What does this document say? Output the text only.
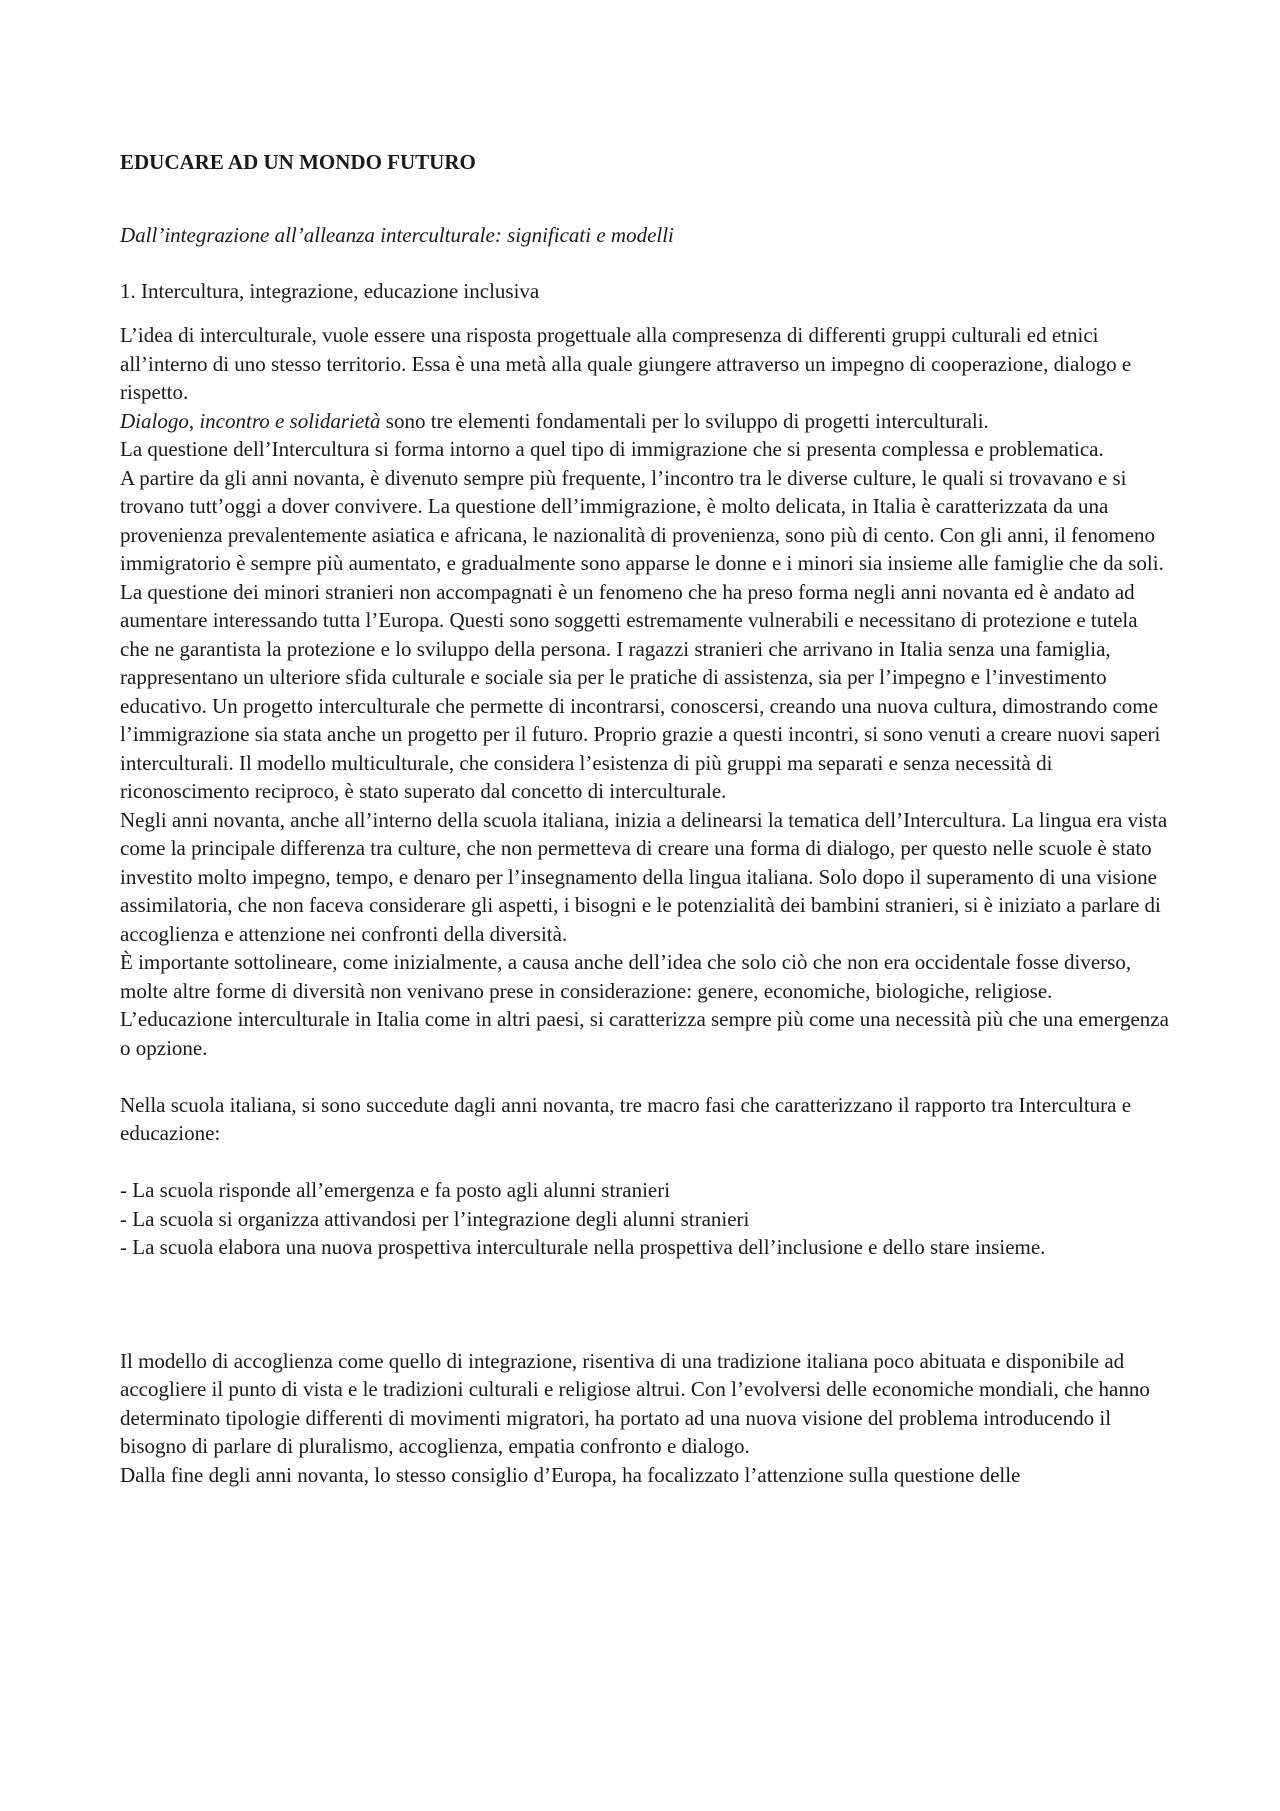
EDUCARE AD UN MONDO FUTURO
Dall’integrazione all’alleanza interculturale: significati e modelli
1. Intercultura, integrazione, educazione inclusiva

L’idea di interculturale, vuole essere una risposta progettuale alla compresenza di differenti gruppi culturali ed etnici all’interno di uno stesso territorio. Essa è una metà alla quale giungere attraverso un impegno di cooperazione, dialogo e rispetto.

Dialogo, incontro e solidarietà sono tre elementi fondamentali per lo sviluppo di progetti interculturali.

La questione dell’Intercultura si forma intorno a quel tipo di immigrazione che si presenta complessa e problematica.

A partire da gli anni novanta, è divenuto sempre più frequente, l’incontro tra le diverse culture, le quali si trovavano e si trovano tutt’oggi a dover convivere. La questione dell’immigrazione, è molto delicata, in Italia è caratterizzata da una provenienza prevalentemente asiatica e africana, le nazionalità di provenienza, sono più di cento. Con gli anni, il fenomeno immigratorio è sempre più aumentato, e gradualmente sono apparse le donne e i minori sia insieme alle famiglie che da soli. La questione dei minori stranieri non accompagnati è un fenomeno che ha preso forma negli anni novanta ed è andato ad aumentare interessando tutta l’Europa. Questi sono soggetti estremamente vulnerabili e necessitano di protezione e tutela che ne garantista la protezione e lo sviluppo della persona. I ragazzi stranieri che arrivano in Italia senza una famiglia, rappresentano un ulteriore sfida culturale e sociale sia per le pratiche di assistenza, sia per l’impegno e l’investimento educativo. Un progetto interculturale che permette di incontrarsi, conoscersi, creando una nuova cultura, dimostrando come l’immigrazione sia stata anche un progetto per il futuro. Proprio grazie a questi incontri, si sono venuti a creare nuovi saperi interculturali. Il modello multiculturale, che considera l’esistenza di più gruppi ma separati e senza necessità di riconoscimento reciproco, è stato superato dal concetto di interculturale.

Negli anni novanta, anche all’interno della scuola italiana, inizia a delinearsi la tematica dell’Intercultura. La lingua era vista come la principale differenza tra culture, che non permetteva di creare una forma di dialogo, per questo nelle scuole è stato investito molto impegno, tempo, e denaro per l’insegnamento della lingua italiana. Solo dopo il superamento di una visione assimilatoria, che non faceva considerare gli aspetti, i bisogni e le potenzialità dei bambini stranieri, si è iniziato a parlare di accoglienza e attenzione nei confronti della diversità.

È importante sottolineare, come inizialmente, a causa anche dell’idea che solo ciò che non era occidentale fosse diverso, molte altre forme di diversità non venivano prese in considerazione: genere, economiche, biologiche, religiose.

L’educazione interculturale in Italia come in altri paesi, si caratterizza sempre più come una necessità più che una emergenza o opzione.

Nella scuola italiana, si sono succedute dagli anni novanta, tre macro fasi che caratterizzano il rapporto tra Intercultura e educazione:

- La scuola risponde all’emergenza e fa posto agli alunni stranieri

- La scuola si organizza attivandosi per l’integrazione degli alunni stranieri

- La scuola elabora una nuova prospettiva interculturale nella prospettiva dell’inclusione e dello stare insieme.

Il modello di accoglienza come quello di integrazione, risentiva di una tradizione italiana poco abituata e disponibile ad accogliere il punto di vista e le tradizioni culturali e religiose altrui. Con l’evolversi delle economiche mondiali, che hanno determinato tipologie differenti di movimenti migratori, ha portato ad una nuova visione del problema introducendo il bisogno di parlare di pluralismo, accoglienza, empatia confronto e dialogo.

Dalla fine degli anni novanta, lo stesso consiglio d’Europa, ha focalizzato l’attenzione sulla questione delle
